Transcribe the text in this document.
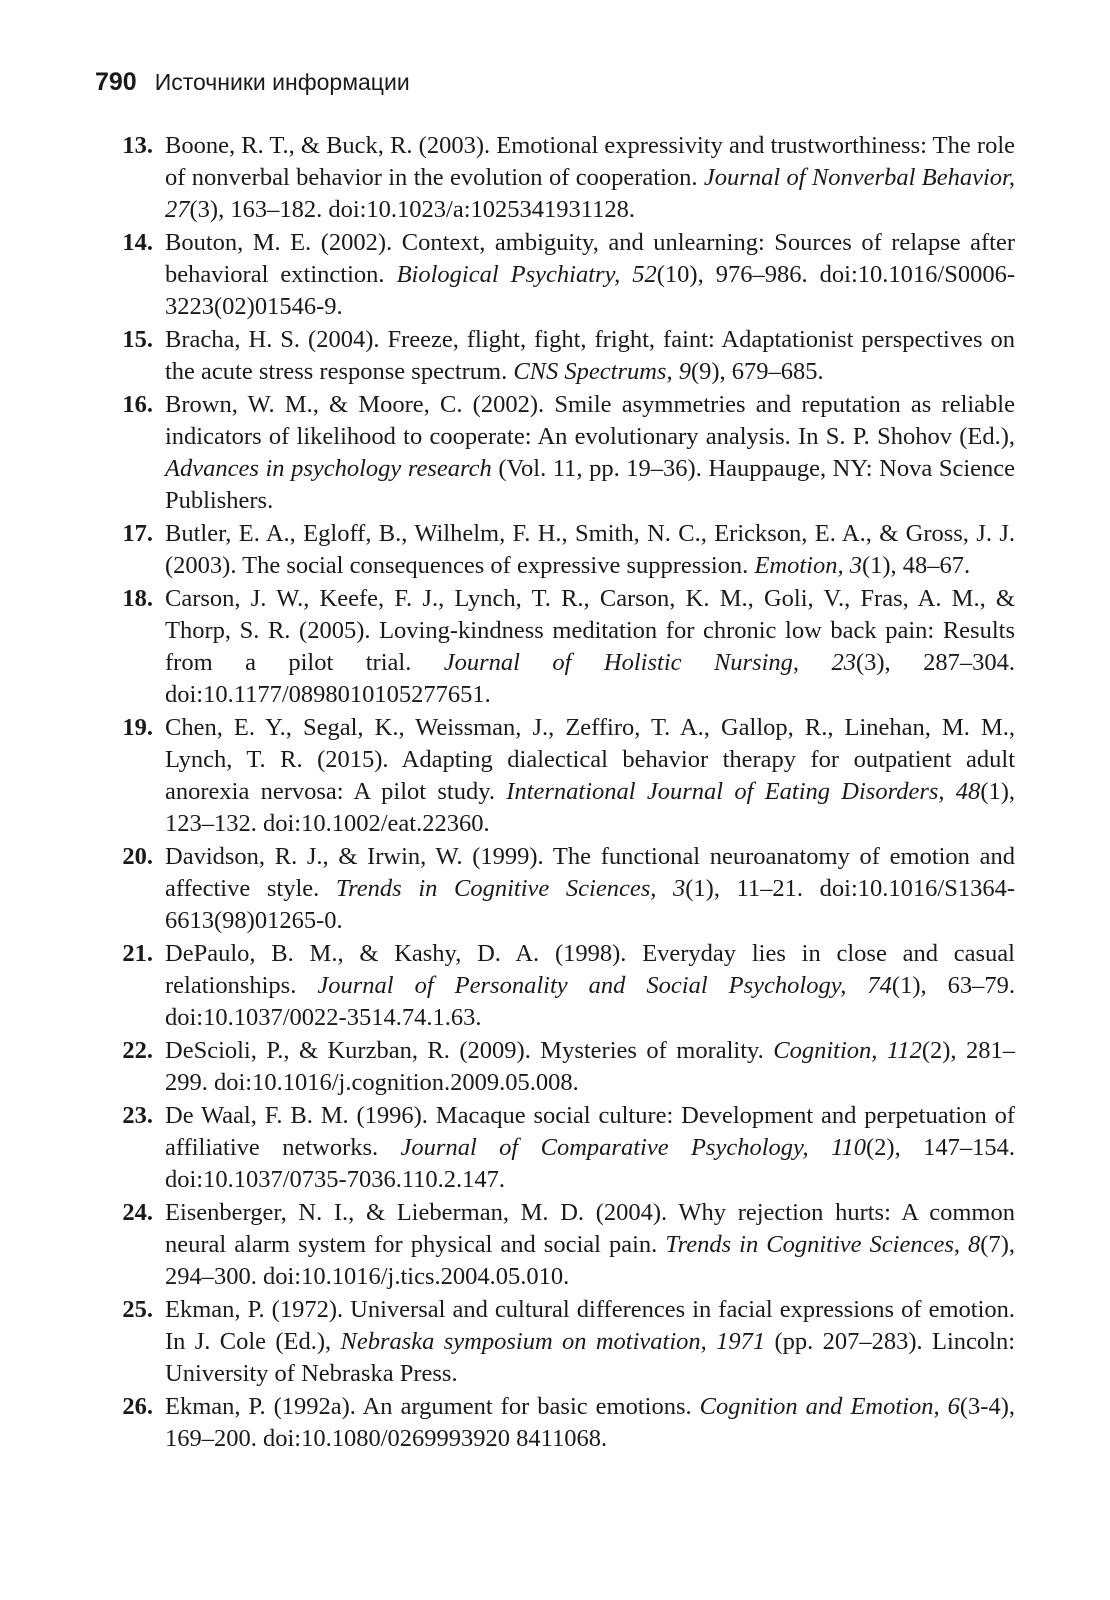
790 Источники информации
13. Boone, R. T., & Buck, R. (2003). Emotional expressivity and trustworthiness: The role of nonverbal behavior in the evolution of cooperation. Journal of Nonverbal Behavior, 27(3), 163–182. doi:10.1023/a:1025341931128.
14. Bouton, M. E. (2002). Context, ambiguity, and unlearning: Sources of relapse after behavioral extinction. Biological Psychiatry, 52(10), 976–986. doi:10.1016/S0006-3223(02)01546-9.
15. Bracha, H. S. (2004). Freeze, flight, fight, fright, faint: Adaptationist perspectives on the acute stress response spectrum. CNS Spectrums, 9(9), 679–685.
16. Brown, W. M., & Moore, C. (2002). Smile asymmetries and reputation as reliable indicators of likelihood to cooperate: An evolutionary analysis. In S. P. Shohov (Ed.), Advances in psychology research (Vol. 11, pp. 19–36). Hauppauge, NY: Nova Science Publishers.
17. Butler, E. A., Egloff, B., Wilhelm, F. H., Smith, N. C., Erickson, E. A., & Gross, J. J. (2003). The social consequences of expressive suppression. Emotion, 3(1), 48–67.
18. Carson, J. W., Keefe, F. J., Lynch, T. R., Carson, K. M., Goli, V., Fras, A. M., & Thorp, S. R. (2005). Loving-kindness meditation for chronic low back pain: Results from a pilot trial. Journal of Holistic Nursing, 23(3), 287–304. doi:10.1177/0898010105277651.
19. Chen, E. Y., Segal, K., Weissman, J., Zeffiro, T. A., Gallop, R., Linehan, M. M., Lynch, T. R. (2015). Adapting dialectical behavior therapy for outpatient adult anorexia nervosa: A pilot study. International Journal of Eating Disorders, 48(1), 123–132. doi:10.1002/eat.22360.
20. Davidson, R. J., & Irwin, W. (1999). The functional neuroanatomy of emotion and affective style. Trends in Cognitive Sciences, 3(1), 11–21. doi:10.1016/S1364-6613(98)01265-0.
21. DePaulo, B. M., & Kashy, D. A. (1998). Everyday lies in close and casual relationships. Journal of Personality and Social Psychology, 74(1), 63–79. doi:10.1037/0022-3514.74.1.63.
22. DeScioli, P., & Kurzban, R. (2009). Mysteries of morality. Cognition, 112(2), 281–299. doi:10.1016/j.cognition.2009.05.008.
23. De Waal, F. B. M. (1996). Macaque social culture: Development and perpetuation of affiliative networks. Journal of Comparative Psychology, 110(2), 147–154. doi:10.1037/0735-7036.110.2.147.
24. Eisenberger, N. I., & Lieberman, M. D. (2004). Why rejection hurts: A common neural alarm system for physical and social pain. Trends in Cognitive Sciences, 8(7), 294–300. doi:10.1016/j.tics.2004.05.010.
25. Ekman, P. (1972). Universal and cultural differences in facial expressions of emotion. In J. Cole (Ed.), Nebraska symposium on motivation, 1971 (pp. 207–283). Lincoln: University of Nebraska Press.
26. Ekman, P. (1992a). An argument for basic emotions. Cognition and Emotion, 6(3-4), 169–200. doi:10.1080/0269993920 8411068.
